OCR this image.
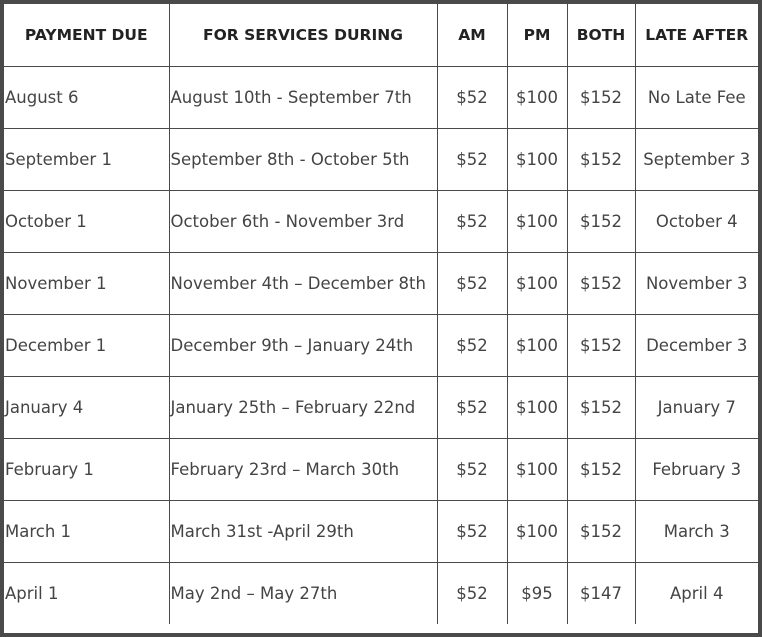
PAYMENT DUE	FOR SERVICES DURING	AM	PM	BOTH	LATE AFTER
August 6	August 10th - September 7th	$52	$100	$152	No Late Fee
September 1	September 8th - October 5th	$52	$100	$152	September 3
October 1	October 6th - November 3rd	$52	$100	$152	October 4
November 1	November 4th – December 8th	$52	$100	$152	November 3
December 1	December 9th – January 24th	$52	$100	$152	December 3
January 4	January 25th – February 22nd	$52	$100	$152	January 7
February 1	February 23rd – March 30th	$52	$100	$152	February 3
March 1	March 31st -April 29th	$52	$100	$152	March 3
April 1	May 2nd – May 27th	$52	$95	$147	April 4
